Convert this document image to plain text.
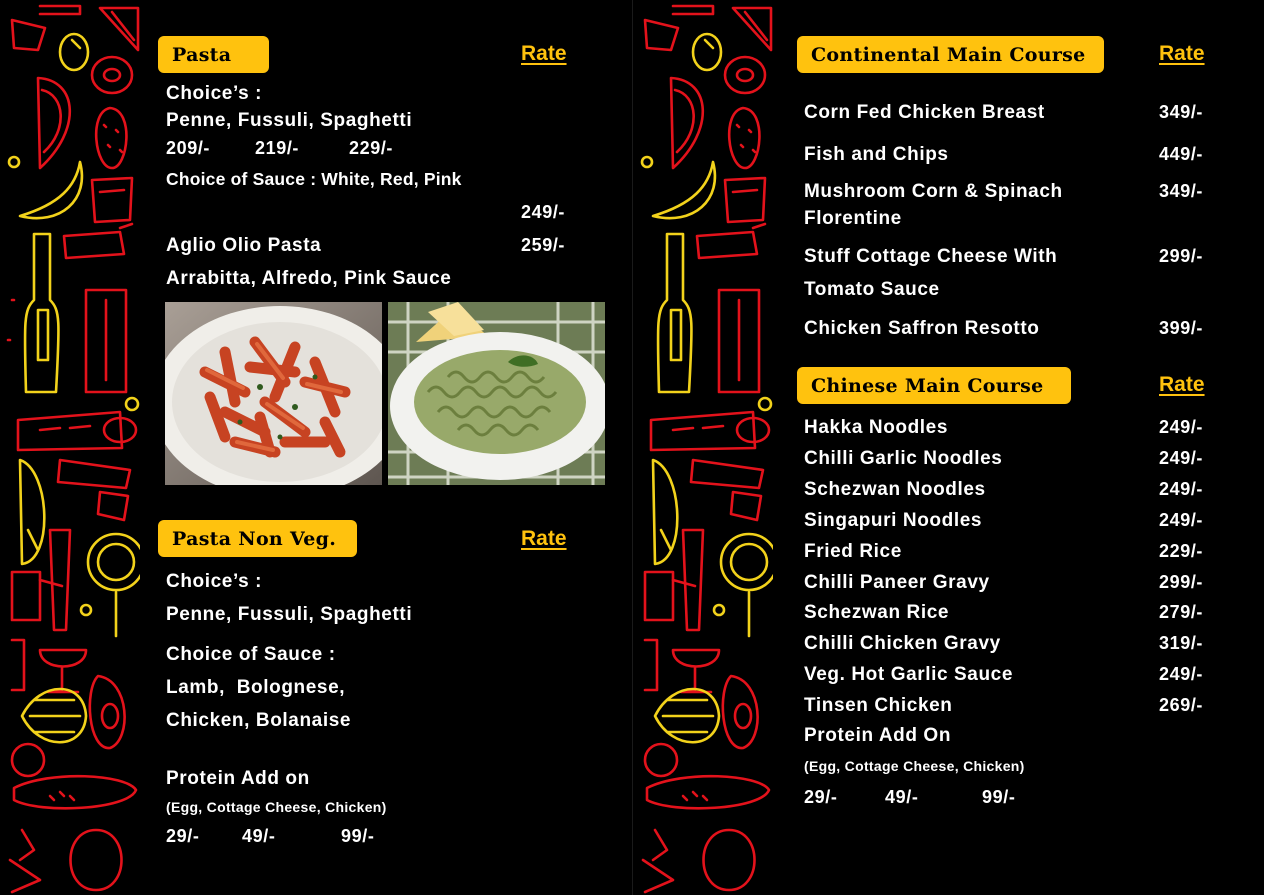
Pasta	Rate
Choice’s :
Penne, Fussuli, Spaghetti
209/- 219/-	229/-
Choice of Sauce : White, Red, Pink
249/-
Aglio Olio Pasta	259/-
Arrabitta, Alfredo, Pink Sauce
Pasta Non Veg.	Rate
Choice’s :
Penne, Fussuli, Spaghetti
Choice of Sauce :
Lamb,  Bolognese,
Chicken, Bolanaise
Protein Add on
(Egg, Cottage Cheese, Chicken)
29/- 49/-	99/-
Continental Main Course	Rate
Corn Fed Chicken Breast	349/-
Fish and Chips	449/-
Mushroom Corn & Spinach
Florentine
349/-
Stuff Cottage Cheese With
Tomato Sauce
299/-
Chicken Saffron Resotto	399/-
Chinese Main Course	Rate
Hakka Noodles	249/-
Chilli Garlic Noodles	249/-
Schezwan Noodles	249/-
Singapuri Noodles	249/-
Fried Rice	229/-
Chilli Paneer Gravy	299/-
Schezwan Rice	279/-
Chilli Chicken Gravy	319/-
Veg. Hot Garlic Sauce	249/-
Tinsen Chicken	269/-
Protein Add On
(Egg, Cottage Cheese, Chicken)
29/-	49/-	99/-
